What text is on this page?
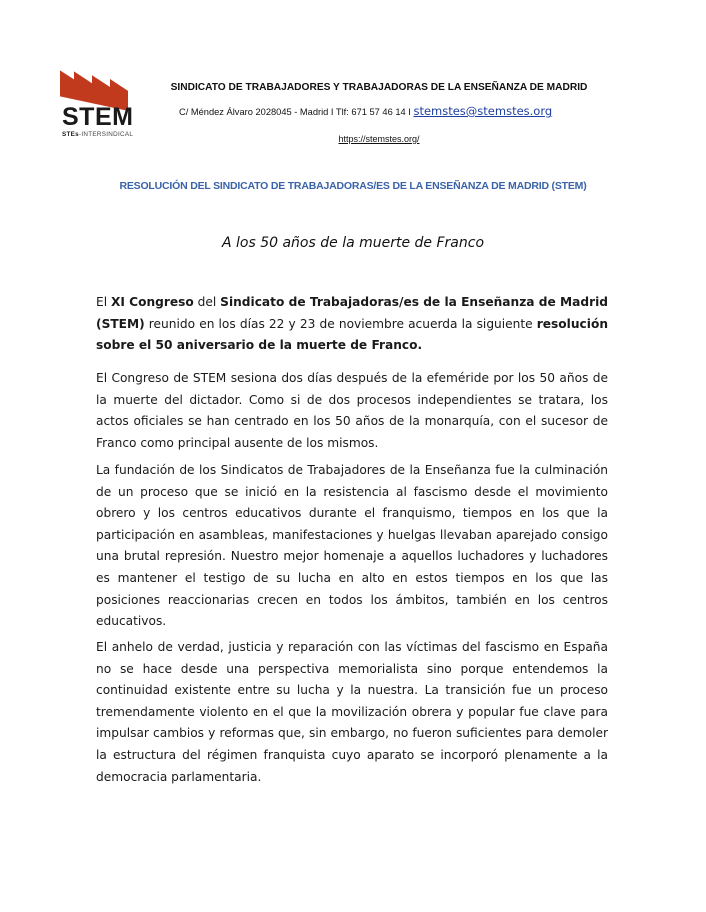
STEM
STEs-INTERSINDICAL
SINDICATO DE TRABAJADORES Y TRABAJADORAS DE LA ENSEÑANZA DE MADRID
C/ Méndez Álvaro 2028045 - Madrid I Tlf: 671 57 46 14 I stemstes@stemstes.org
https://stemstes.org/
RESOLUCIÓN DEL SINDICATO DE TRABAJADORAS/ES DE LA ENSEÑANZA DE MADRID (STEM)
A los 50 años de la muerte de Franco
El XI Congreso del Sindicato de Trabajadoras/es de la Enseñanza de Madrid
(STEM) reunido en los días 22 y 23 de noviembre acuerda la siguiente resolución
sobre el 50 aniversario de la muerte de Franco.
El Congreso de STEM sesiona dos días después de la efeméride por los 50 años de
la muerte del dictador. Como si de dos procesos independientes se tratara, los
actos oficiales se han centrado en los 50 años de la monarquía, con el sucesor de
Franco como principal ausente de los mismos.
La fundación de los Sindicatos de Trabajadores de la Enseñanza fue la culminación
de un proceso que se inició en la resistencia al fascismo desde el movimiento
obrero y los centros educativos durante el franquismo, tiempos en los que la
participación en asambleas, manifestaciones y huelgas llevaban aparejado consigo
una brutal represión. Nuestro mejor homenaje a aquellos luchadores y luchadores
es mantener el testigo de su lucha en alto en estos tiempos en los que las
posiciones reaccionarias crecen en todos los ámbitos, también en los centros
educativos.
El anhelo de verdad, justicia y reparación con las víctimas del fascismo en España
no se hace desde una perspectiva memorialista sino porque entendemos la
continuidad existente entre su lucha y la nuestra. La transición fue un proceso
tremendamente violento en el que la movilización obrera y popular fue clave para
impulsar cambios y reformas que, sin embargo, no fueron suficientes para demoler
la estructura del régimen franquista cuyo aparato se incorporó plenamente a la
democracia parlamentaria.
